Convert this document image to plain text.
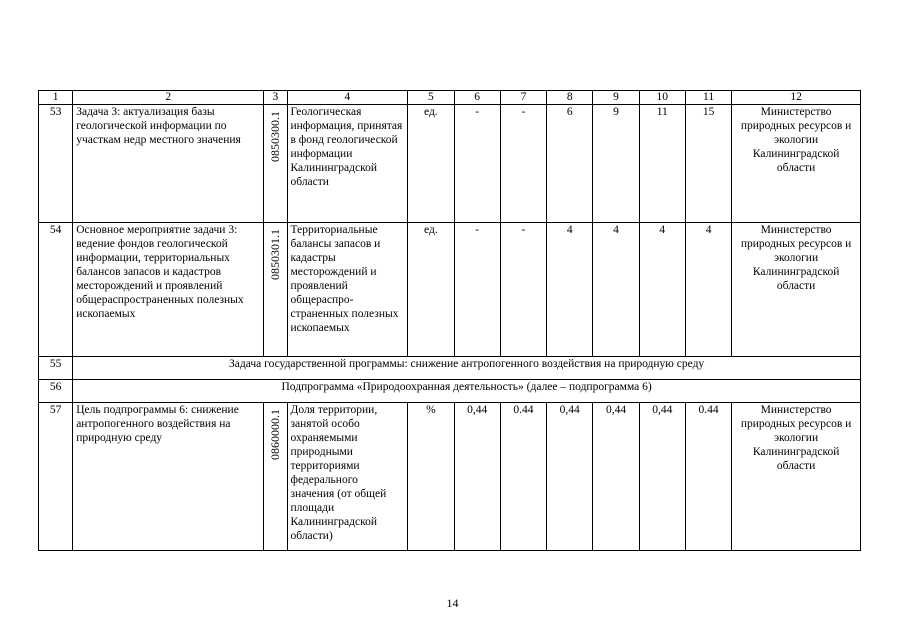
1	2	3	4	5	6	7	8	9	10	11	12
53	Задача 3: актуализация базы геологической информации по участкам недр местного значения	0850300.1	Геологическая информация, принятая в фонд геологической информации Калининградской области	ед.	-	-	6	9	11	15	Министерство природных ресурсов и экологии Калининградской области
54	Основное мероприятие задачи 3: ведение фондов геологической информации, территориальных балансов запасов и кадастров месторождений и проявлений общераспространенных полезных ископаемых	0850301.1	Территориальные балансы запасов и кадастры месторождений и проявлений общераспро-страненных полезных ископаемых	ед.	-	-	4	4	4	4	Министерство природных ресурсов и экологии Калининградской области
55	Задача государственной программы: снижение антропогенного воздействия на природную среду										
56	Подпрограмма «Природоохранная деятельность» (далее – подпрограмма 6)										
57	Цель подпрограммы 6: снижение антропогенного воздействия на природную среду	0860000.1	Доля территории, занятой особо охраняемыми природными территориями федерального значения (от общей площади Калининградской области)	%	0,44	0.44	0,44	0,44	0,44	0.44	Министерство природных ресурсов и экологии Калининградской области
14
